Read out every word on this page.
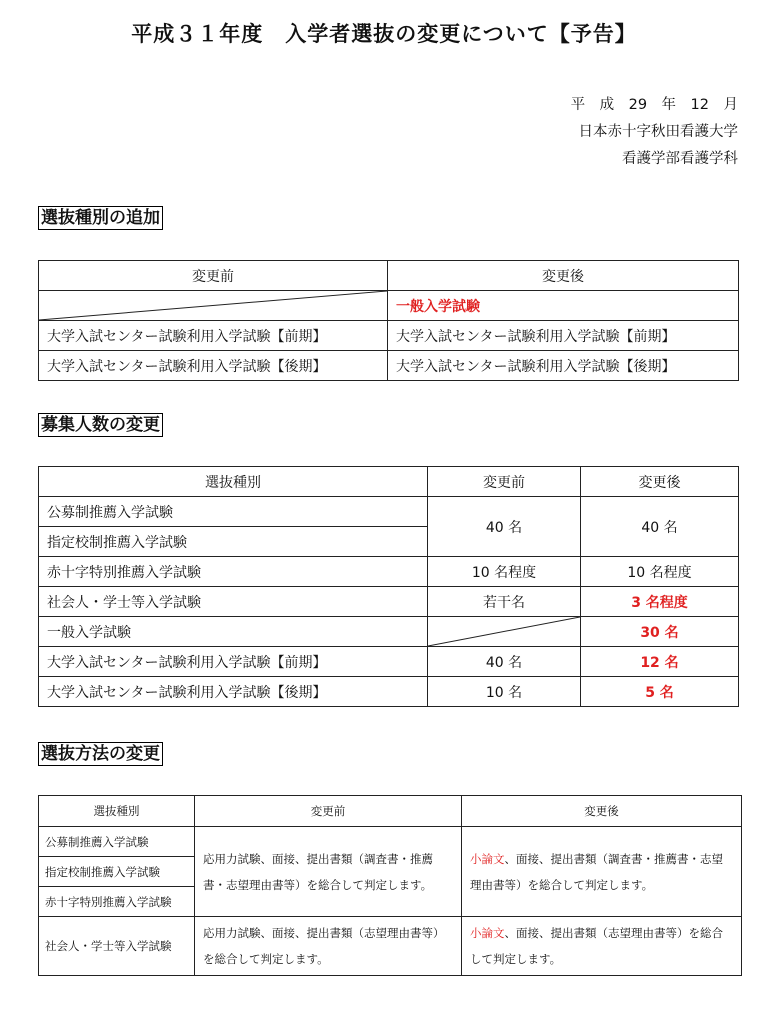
平成３１年度　入学者選抜の変更について【予告】
平　成　29　年　12　月
日本赤十字秋田看護大学
看護学部看護学科
選抜種別の追加
変更前	変更後

	一般入学試験
大学入試センター試験利用入学試験【前期】	大学入試センター試験利用入学試験【前期】
大学入試センター試験利用入学試験【後期】	大学入試センター試験利用入学試験【後期】
募集人数の変更
選抜種別	変更前	変更後
公募制推薦入学試験	40 名	40 名
指定校制推薦入学試験		
赤十字特別推薦入学試験	10 名程度	10 名程度
社会人・学士等入学試験	若干名	3 名程度
一般入学試験		30 名
大学入試センター試験利用入学試験【前期】	40 名	12 名
大学入試センター試験利用入学試験【後期】	10 名	5 名
選抜方法の変更
選抜種別	変更前	変更後
公募制推薦入学試験	応用力試験、面接、提出書類（調査書・推薦書・志望理由書等）を総合して判定します。	小論文、面接、提出書類（調査書・推薦書・志望理由書等）を総合して判定します。
指定校制推薦入学試験		
赤十字特別推薦入学試験		
社会人・学士等入学試験	応用力試験、面接、提出書類（志望理由書等）を総合して判定します。	小論文、面接、提出書類（志望理由書等）を総合して判定します。
